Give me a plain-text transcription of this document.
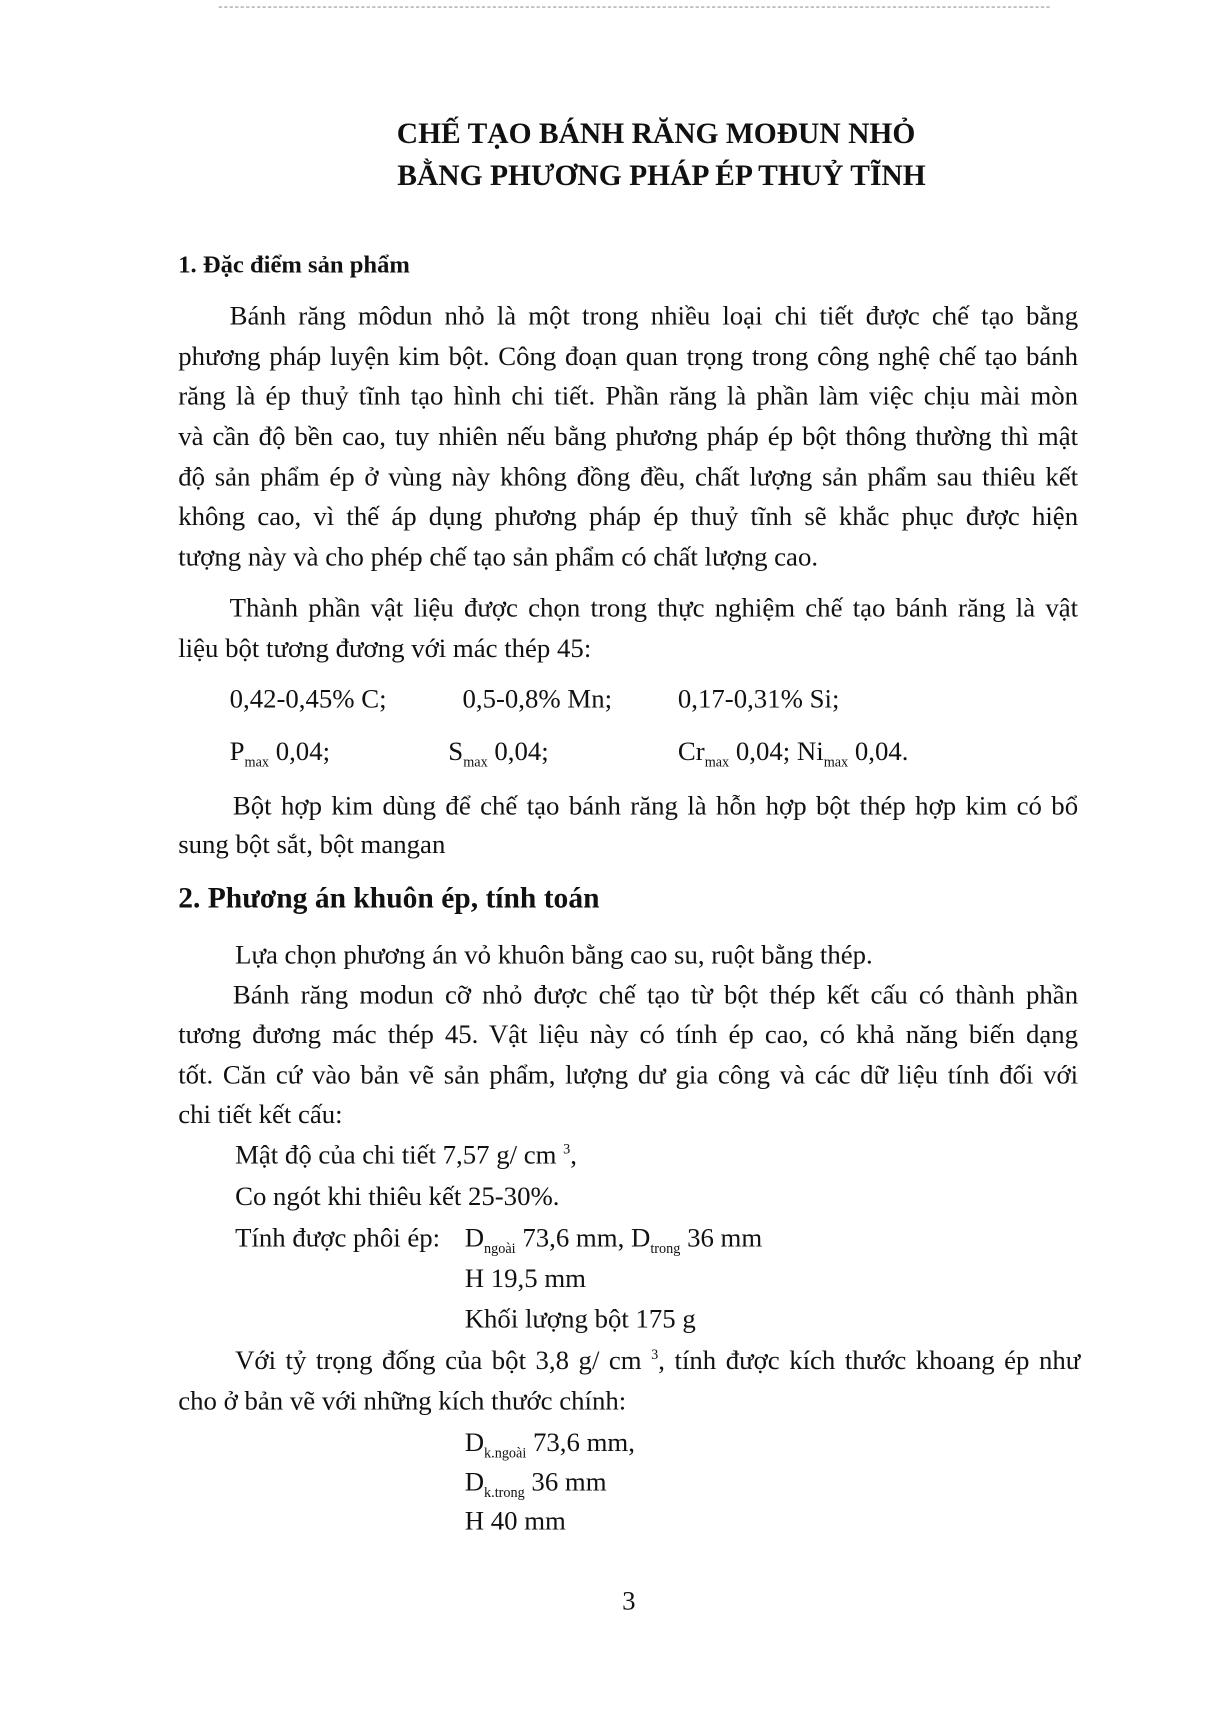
CHẾ TẠO BÁNH RĂNG MOĐUN NHỎ
BẰNG PHƯƠNG PHÁP ÉP THUỶ TĨNH
1. Đặc điểm sản phẩm
Bánh răng môdun nhỏ là một trong nhiều loại chi tiết được chế tạo bằng
phương pháp luyện kim bột. Công đoạn quan trọng trong công nghệ chế tạo bánh
răng là ép thuỷ tĩnh tạo hình chi tiết. Phần răng là phần làm việc chịu mài mòn
và cần độ bền cao, tuy nhiên nếu bằng phương pháp ép bột thông thường thì mật
độ sản phẩm ép ở vùng này không đồng đều, chất lượng sản phẩm sau thiêu kết
không cao, vì thế áp dụng phương pháp ép thuỷ tĩnh sẽ khắc phục được hiện
tượng này và cho phép chế tạo sản phẩm có chất lượng cao.
Thành phần vật liệu được chọn trong thực nghiệm chế tạo bánh răng là vật
liệu bột tương đương với mác thép 45:
0,42-0,45% C;	0,5-0,8% Mn;	0,17-0,31% Si;
$P_{max}$ 0,04;	$S_{max}$ 0,04;	$Cr_{max}$ 0,04; $Ni_{max}$ 0,04.
Bột hợp kim dùng để chế tạo bánh răng là hỗn hợp bột thép hợp kim có bổ
sung bột sắt, bột mangan
2. Phương án khuôn ép, tính toán
Lựa chọn phương án vỏ khuôn bằng cao su, ruột bằng thép.
Bánh răng modun cỡ nhỏ được chế tạo từ bột thép kết cấu có thành phần
tương đương mác thép 45. Vật liệu này có tính ép cao, có khả năng biến dạng
tốt. Căn cứ vào bản vẽ sản phẩm, lượng dư gia công và các dữ liệu tính đối với
chi tiết kết cấu:
Mật độ của chi tiết 7,57 g/ cm $^3$,
Co ngót khi thiêu kết 25-30%.
Tính được phôi ép: $D_{ngoài}$ 73,6 mm, $D_{trong}$ 36 mm
H 19,5 mm
Khối lượng bột 175 g
Với tỷ trọng đống của bột 3,8 g/ cm $^3$, tính được kích thước khoang ép như
cho ở bản vẽ với những kích thước chính:
$D_{k.ngoài}$ 73,6 mm,
$D_{k.trong}$ 36 mm
H 40 mm
3
